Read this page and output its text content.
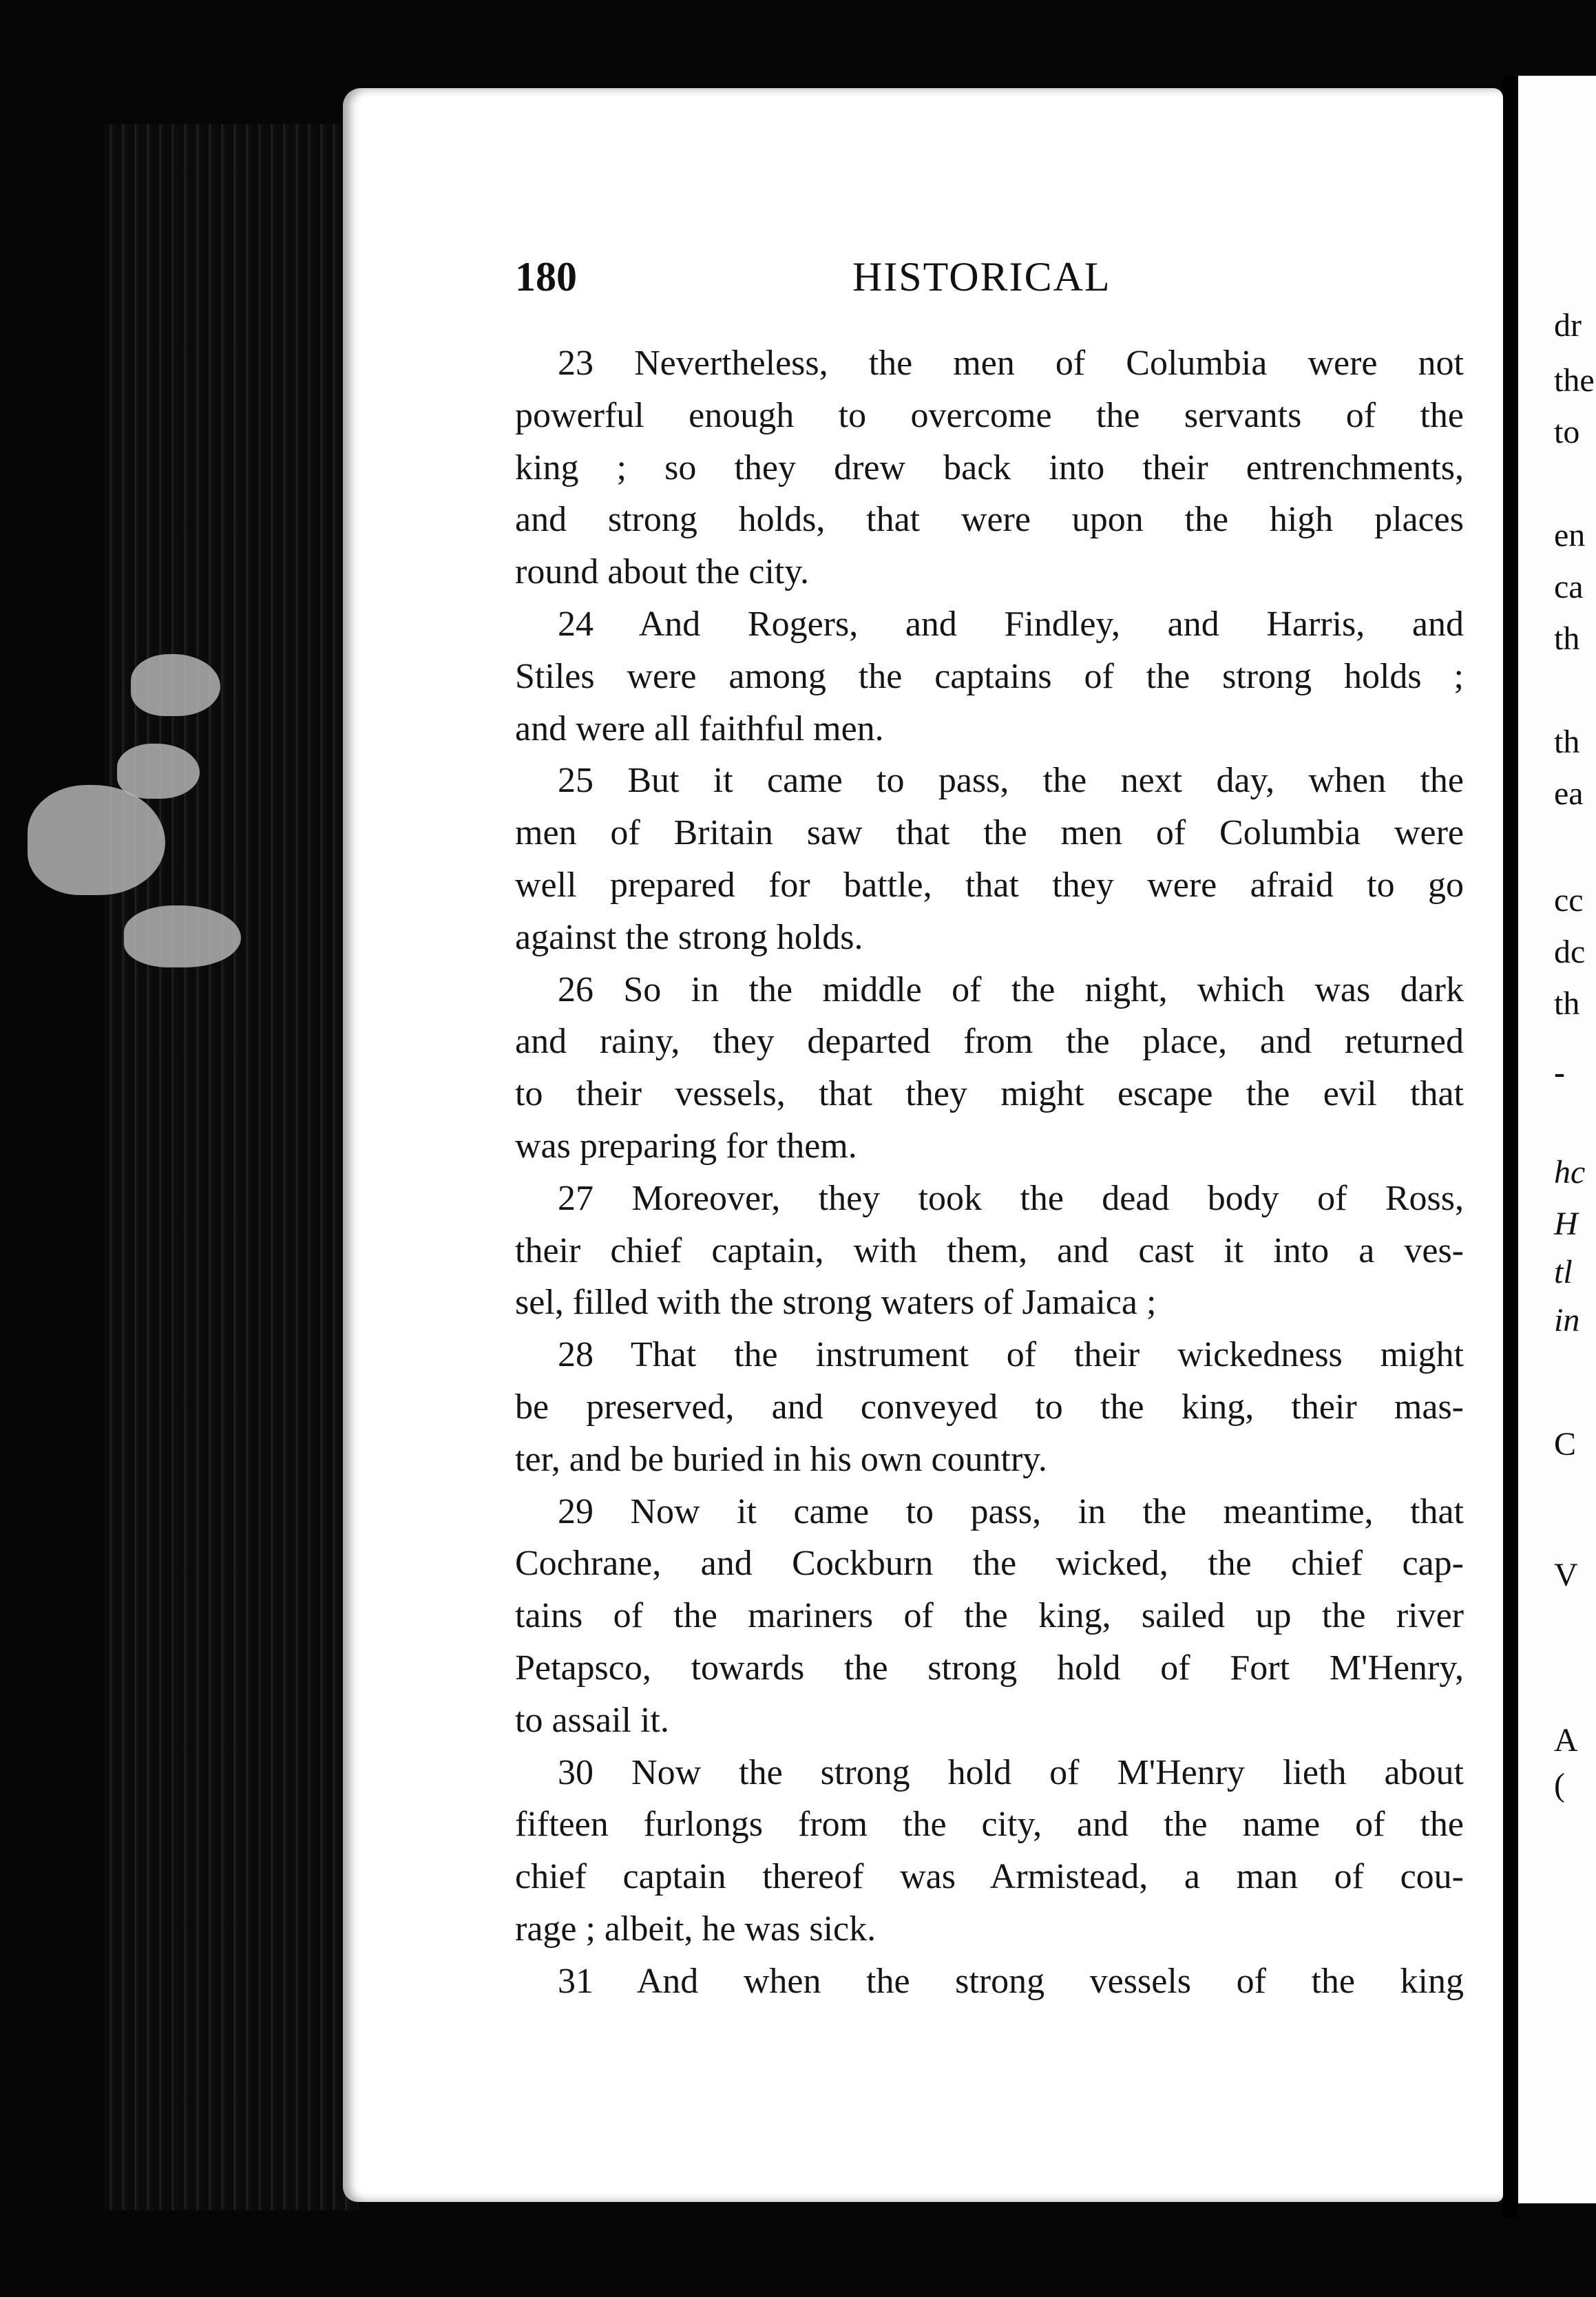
180	HISTORICAL
23 Nevertheless, the men of Columbia were not
powerful enough to overcome the servants of the
king ; so they drew back into their entrenchments,
and strong holds, that were upon the high places
round about the city.
24 And Rogers, and Findley, and Harris, and
Stiles were among the captains of the strong holds ;
and were all faithful men.
25 But it came to pass, the next day, when the
men of Britain saw that the men of Columbia were
well prepared for battle, that they were afraid to go
against the strong holds.
26 So in the middle of the night, which was dark
and rainy, they departed from the place, and returned
to their vessels, that they might escape the evil that
was preparing for them.
27 Moreover, they took the dead body of Ross,
their chief captain, with them, and cast it into a ves-
sel, filled with the strong waters of Jamaica ;
28 That the instrument of their wickedness might
be preserved, and conveyed to the king, their mas-
ter, and be buried in his own country.
29 Now it came to pass, in the meantime, that
Cochrane, and Cockburn the wicked, the chief cap-
tains of the mariners of the king, sailed up the river
Petapsco, towards the strong hold of Fort M'Henry,
to assail it.
30 Now the strong hold of M'Henry lieth about
fifteen furlongs from the city, and the name of the
chief captain thereof was Armistead, a man of cou-
rage ; albeit, he was sick.
31 And when the strong vessels of the king
dr
the
to
en
ca
th
th
ea
cc
dc
th
-
hc
H
tl
in
C
V
A
(
